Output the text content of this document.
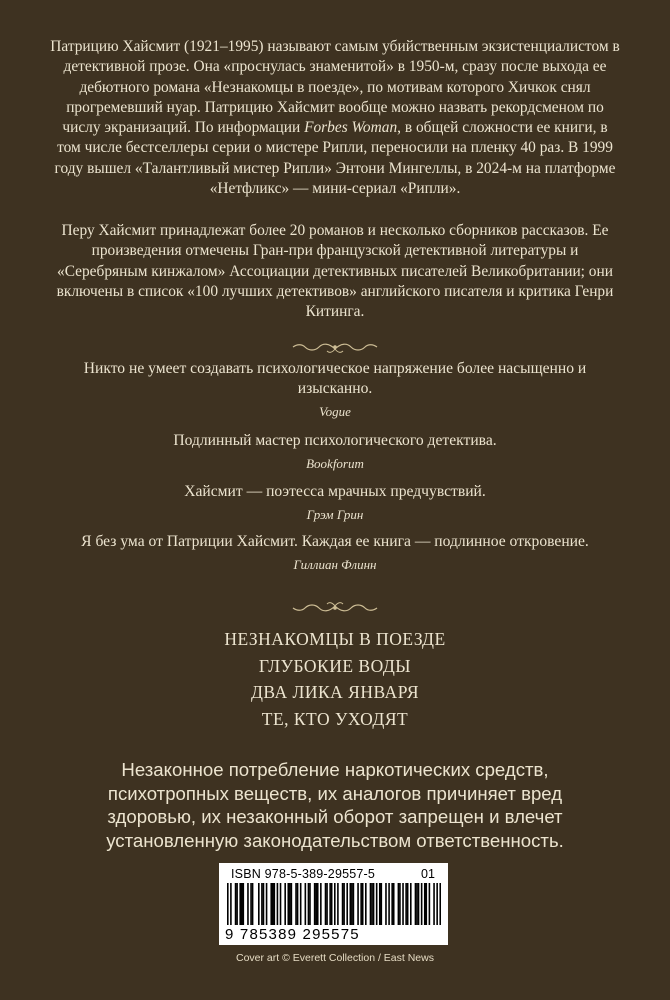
Патрицию Хайсмит (1921–1995) называют самым убийственным экзистенциалистом в детективной прозе. Она «проснулась знаменитой» в 1950-м, сразу после выхода ее дебютного романа «Незнакомцы в поезде», по мотивам которого Хичкок снял прогремевший нуар. Патрицию Хайсмит вообще можно назвать рекордсменом по числу экранизаций. По информации Forbes Woman, в общей сложности ее книги, в том числе бестселлеры серии о мистере Рипли, переносили на пленку 40 раз. В 1999 году вышел «Талантливый мистер Рипли» Энтони Мингеллы, в 2024-м на платформе «Нетфликс» — мини-сериал «Рипли».

Перу Хайсмит принадлежат более 20 романов и несколько сборников рассказов. Ее произведения отмечены Гран-при французской детективной литературы и «Серебряным кинжалом» Ассоциации детективных писателей Великобритании; они включены в список «100 лучших детективов» английского писателя и критика Генри Китинга.

Никто не умеет создавать психологическое напряжение более насыщенно и изысканно.
Vogue
Подлинный мастер психологического детектива.
Bookforum
Хайсмит — поэтесса мрачных предчувствий.
Грэм Грин
Я без ума от Патриции Хайсмит. Каждая ее книга — подлинное откровение.
Гиллиан Флинн
НЕЗНАКОМЦЫ В ПОЕЗДЕ
ГЛУБОКИЕ ВОДЫ
ДВА ЛИКА ЯНВАРЯ
ТЕ, КТО УХОДЯТ

Незаконное потребление наркотических средств, психотропных веществ, их аналогов причиняет вред здоровью, их незаконный оборот запрещен и влечет установленную законодательством ответственность.

ISBN 978-5-389-29557-5	01
9 785389 295575
Cover art © Everett Collection / East News
